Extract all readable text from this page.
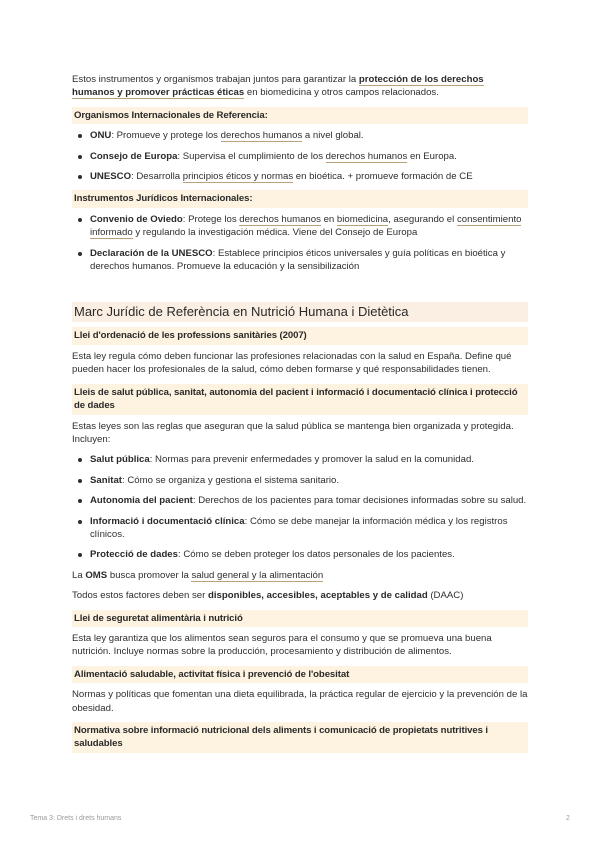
Estos instrumentos y organismos trabajan juntos para garantizar la protección de los derechos humanos y promover prácticas éticas en biomedicina y otros campos relacionados.

Organismos Internacionales de Referencia:
ONU: Promueve y protege los derechos humanos a nivel global.
Consejo de Europa: Supervisa el cumplimiento de los derechos humanos en Europa.
UNESCO: Desarrolla principios éticos y normas en bioética. + promueve formación de CE
Instrumentos Jurídicos Internacionales:
Convenio de Oviedo: Protege los derechos humanos en biomedicina, asegurando el consentimiento informado y regulando la investigación médica. Viene del Consejo de Europa
Declaración de la UNESCO: Establece principios éticos universales y guía políticas en bioética y derechos humanos. Promueve la educación y la sensibilización
Marc Jurídic de Referència en Nutrició Humana i Dietètica
Llei d'ordenació de les professions sanitàries (2007)

Esta ley regula cómo deben funcionar las profesiones relacionadas con la salud en España. Define qué pueden hacer los profesionales de la salud, cómo deben formarse y qué responsabilidades tienen.

Lleis de salut pública, sanitat, autonomia del pacient i informació i documentació clínica i protecció de dades

Estas leyes son las reglas que aseguran que la salud pública se mantenga bien organizada y protegida. Incluyen:

Salut pública: Normas para prevenir enfermedades y promover la salud en la comunidad.
Sanitat: Cómo se organiza y gestiona el sistema sanitario.
Autonomia del pacient: Derechos de los pacientes para tomar decisiones informadas sobre su salud.
Informació i documentació clínica: Cómo se debe manejar la información médica y los registros clínicos.
Protecció de dades: Cómo se deben proteger los datos personales de los pacientes.

La OMS busca promover la salud general y la alimentación

Todos estos factores deben ser disponibles, accesibles, aceptables y de calidad (DAAC)

Llei de seguretat alimentària i nutrició

Esta ley garantiza que los alimentos sean seguros para el consumo y que se promueva una buena nutrición. Incluye normas sobre la producción, procesamiento y distribución de alimentos.

Alimentació saludable, activitat física i prevenció de l'obesitat

Normas y políticas que fomentan una dieta equilibrada, la práctica regular de ejercicio y la prevención de la obesidad.

Normativa sobre informació nutricional dels aliments i comunicació de propietats nutritives i saludables
Tema 3: Drets i drets humans	2
